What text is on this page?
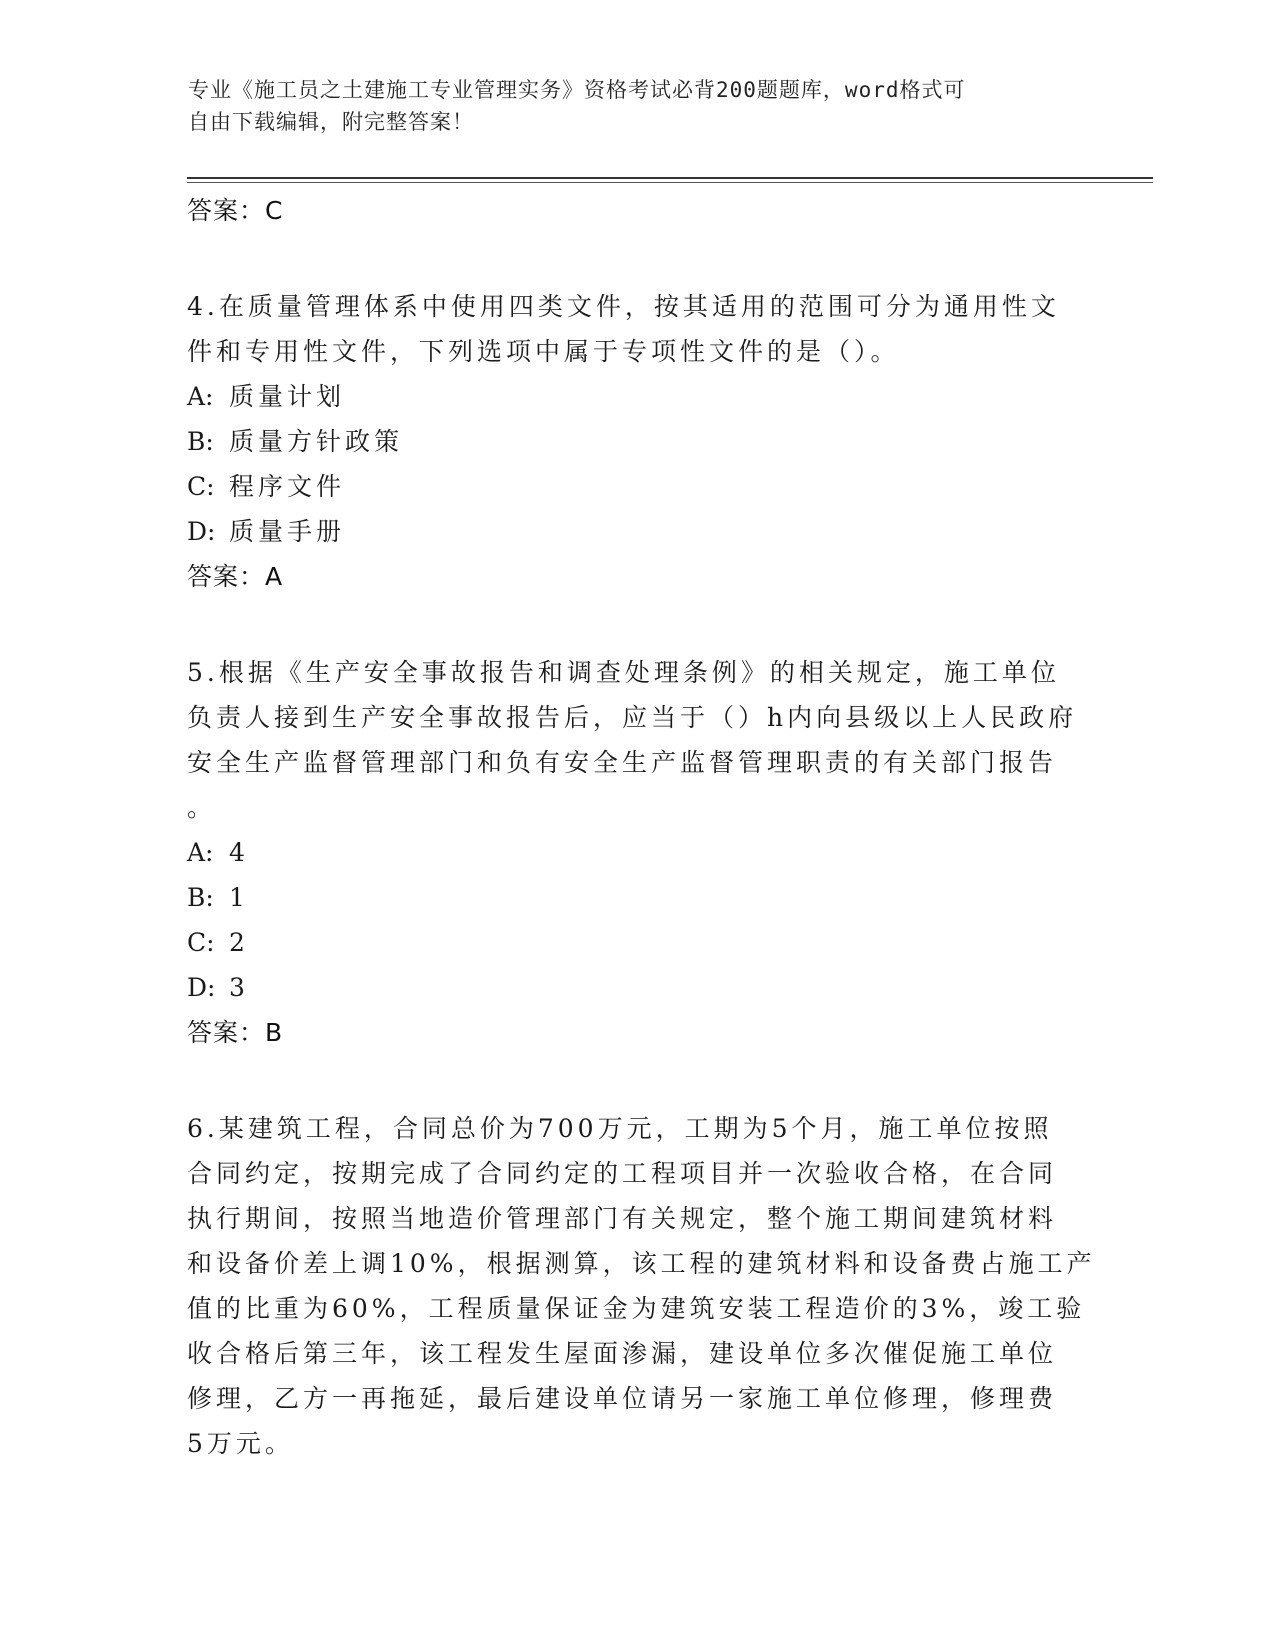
专业《施工员之土建施工专业管理实务》资格考试必背200题题库，word格式可
自由下载编辑，附完整答案！
答案：C
4.在质量管理体系中使用四类文件，按其适用的范围可分为通用性文
件和专用性文件，下列选项中属于专项性文件的是（）。
A: 质量计划
B: 质量方针政策
C: 程序文件
D: 质量手册
答案：A
5.根据《生产安全事故报告和调查处理条例》的相关规定，施工单位
负责人接到生产安全事故报告后，应当于（）h内向县级以上人民政府
安全生产监督管理部门和负有安全生产监督管理职责的有关部门报告
。
A: 4
B: 1
C: 2
D: 3
答案：B
6.某建筑工程，合同总价为700万元，工期为5个月，施工单位按照
合同约定，按期完成了合同约定的工程项目并一次验收合格，在合同
执行期间，按照当地造价管理部门有关规定，整个施工期间建筑材料
和设备价差上调10%，根据测算，该工程的建筑材料和设备费占施工产
值的比重为60%，工程质量保证金为建筑安装工程造价的3%，竣工验
收合格后第三年，该工程发生屋面渗漏，建设单位多次催促施工单位
修理，乙方一再拖延，最后建设单位请另一家施工单位修理，修理费
5万元。
